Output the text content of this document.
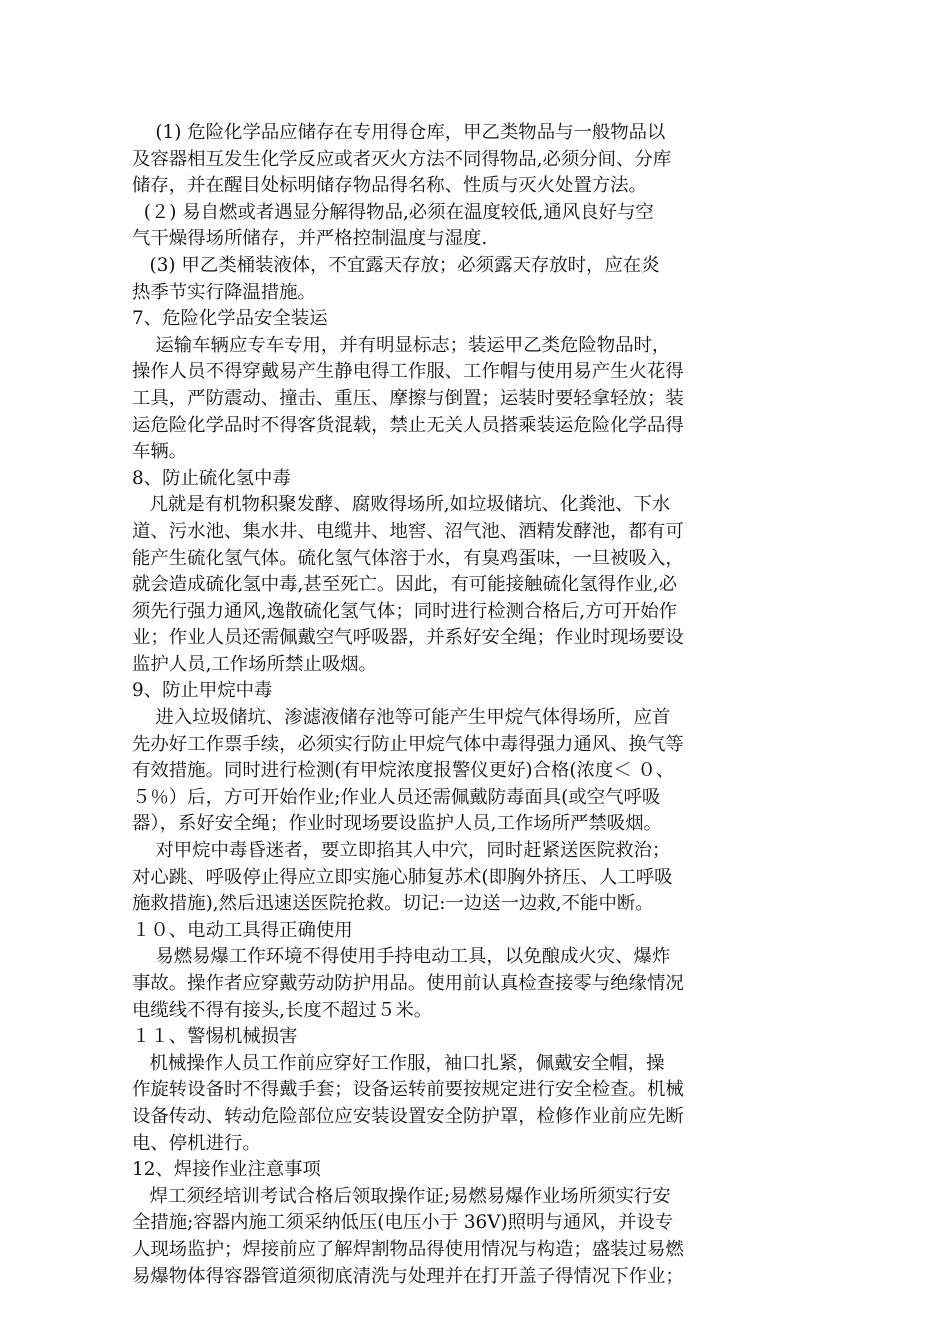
(1) 危险化学品应储存在专用得仓库，甲乙类物品与一般物品以
及容器相互发生化学反应或者灭火方法不同得物品,必须分间、分库
储存，并在醒目处标明储存物品得名称、性质与灭火处置方法。
(２) 易自燃或者遇显分解得物品,必须在温度较低,通风良好与空
气干燥得场所储存，并严格控制温度与湿度.
(3) 甲乙类桶装液体，不宜露天存放；必须露天存放时，应在炎
热季节实行降温措施。
7、危险化学品安全装运
运输车辆应专车专用，并有明显标志；装运甲乙类危险物品时，
操作人员不得穿戴易产生静电得工作服、工作帽与使用易产生火花得
工具，严防震动、撞击、重压、摩擦与倒置；运装时要轻拿轻放；装
运危险化学品时不得客货混载，禁止无关人员搭乘装运危险化学品得
车辆。
8、防止硫化氢中毒
凡就是有机物积聚发酵、腐败得场所,如垃圾储坑、化粪池、下水
道、污水池、集水井、电缆井、地窖、沼气池、酒精发酵池，都有可
能产生硫化氢气体。硫化氢气体溶于水，有臭鸡蛋味，一旦被吸入，
就会造成硫化氢中毒,甚至死亡。因此，有可能接触硫化氢得作业,必
须先行强力通风,逸散硫化氢气体；同时进行检测合格后,方可开始作
业；作业人员还需佩戴空气呼吸器，并系好安全绳；作业时现场要设
监护人员,工作场所禁止吸烟。
9、防止甲烷中毒
进入垃圾储坑、渗滤液储存池等可能产生甲烷气体得场所，应首
先办好工作票手续，必须实行防止甲烷气体中毒得强力通风、换气等
有效措施。同时进行检测(有甲烷浓度报警仪更好)合格(浓度＜ ０、
５％）后，方可开始作业;作业人员还需佩戴防毒面具(或空气呼吸
器），系好安全绳；作业时现场要设监护人员,工作场所严禁吸烟。
对甲烷中毒昏迷者，要立即掐其人中穴，同时赶紧送医院救治；
对心跳、呼吸停止得应立即实施心肺复苏术(即胸外挤压、人工呼吸
施救措施),然后迅速送医院抢救。切记:一边送一边救,不能中断。
１０、电动工具得正确使用
易燃易爆工作环境不得使用手持电动工具，以免酿成火灾、爆炸
事故。操作者应穿戴劳动防护用品。使用前认真检查接零与绝缘情况
电缆线不得有接头,长度不超过５米。
１１、警惕机械损害
机械操作人员工作前应穿好工作服，袖口扎紧，佩戴安全帽，操
作旋转设备时不得戴手套；设备运转前要按规定进行安全检查。机械
设备传动、转动危险部位应安装设置安全防护罩，检修作业前应先断
电、停机进行。
12、焊接作业注意事项
焊工须经培训考试合格后领取操作证;易燃易爆作业场所须实行安
全措施;容器内施工须采纳低压(电压小于 36V)照明与通风，并设专
人现场监护；焊接前应了解焊割物品得使用情况与构造；盛装过易燃
易爆物体得容器管道须彻底清洗与处理并在打开盖子得情况下作业；
